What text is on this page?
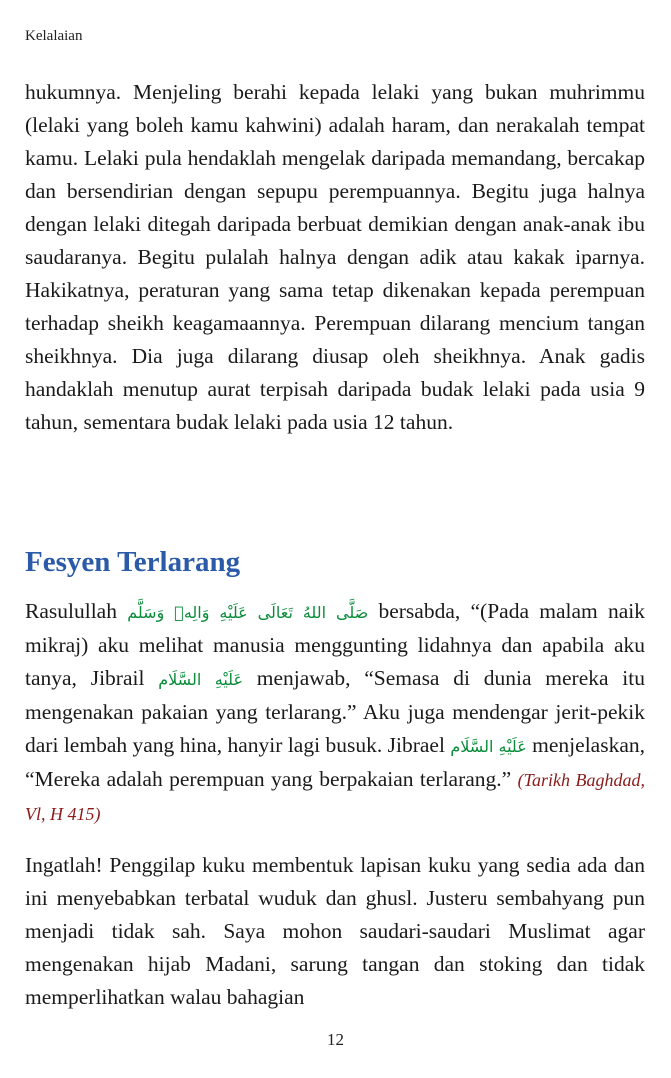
Kelalaian

hukumnya. Menjeling berahi kepada lelaki yang bukan muhrimmu (lelaki yang boleh kamu kahwini) adalah haram, dan nerakalah tempat kamu. Lelaki pula hendaklah mengelak daripada memandang, bercakap dan bersendirian dengan sepupu perempuannya. Begitu juga halnya dengan lelaki ditegah daripada berbuat demikian dengan anak-anak ibu saudaranya. Begitu pulalah halnya dengan adik atau kakak iparnya. Hakikatnya, peraturan yang sama tetap dikenakan kepada perempuan terhadap sheikh keagamaannya. Perempuan dilarang mencium tangan sheikhnya. Dia juga dilarang diusap oleh sheikhnya. Anak gadis handaklah menutup aurat terpisah daripada budak lelaki pada usia 9 tahun, sementara budak lelaki pada usia 12 tahun.

Fesyen Terlarang

Rasulullah صَلَّى اللهُ تَعَالَى عَلَيْهِ وَالِهٖ وَسَلَّم bersabda, “(Pada malam naik mikraj) aku melihat manusia menggunting lidahnya dan apabila aku tanya, Jibrail عَلَيْهِ السَّلَام menjawab, “Semasa di dunia mereka itu mengenakan pakaian yang terlarang.” Aku juga mendengar jerit-pekik dari lembah yang hina, hanyir lagi busuk. Jibrael عَلَيْهِ السَّلَام menjelaskan, “Mereka adalah perempuan yang berpakaian terlarang.” (Tarikh Baghdad, Vl, H 415)

Ingatlah! Penggilap kuku membentuk lapisan kuku yang sedia ada dan ini menyebabkan terbatal wuduk dan ghusl. Justeru sembahyang pun menjadi tidak sah. Saya mohon saudari-saudari Muslimat agar mengenakan hijab Madani, sarung tangan dan stoking dan tidak memperlihatkan walau bahagian

12
